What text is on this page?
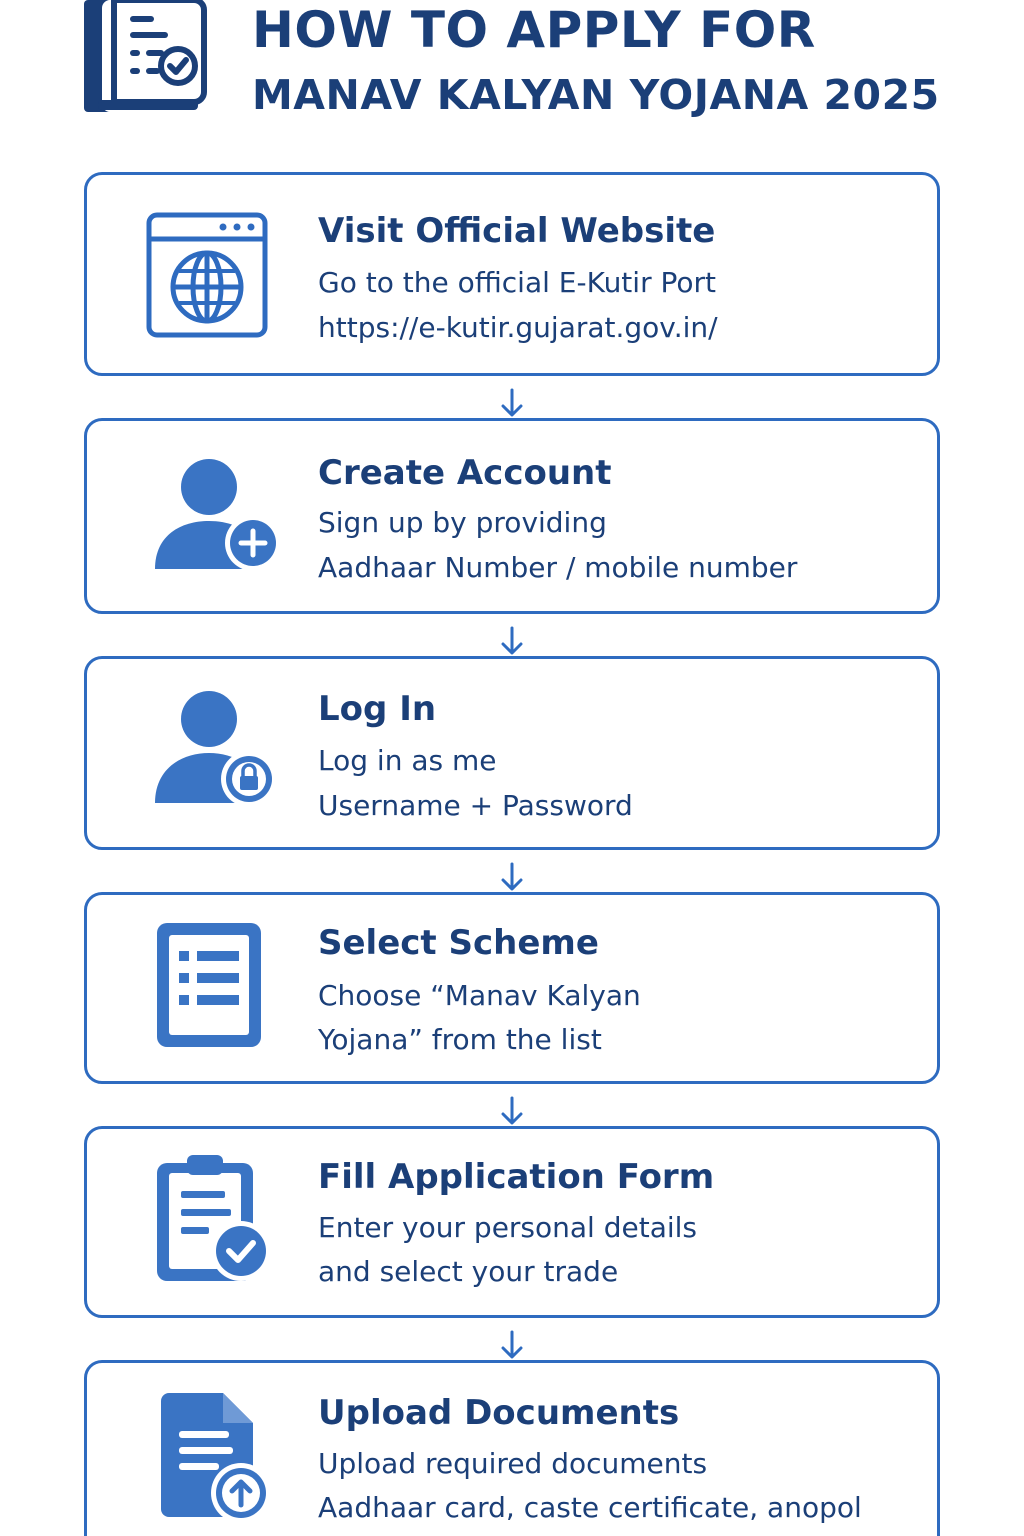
HOW TO APPLY FOR
MANAV KALYAN YOJANA 2025
Visit Official Website
Go to the official E-Kutir Port
https://e-kutir.gujarat.gov.in/
Create Account
Sign up by providing
Aadhaar Number / mobile number
Log In
Log in as me
Username + Password
Select Scheme
Choose “Manav Kalyan
Yojana” from the list
Fill Application Form
Enter your personal details
and select your trade
Upload Documents
Upload required documents
Aadhaar card, caste certificate, anopol
